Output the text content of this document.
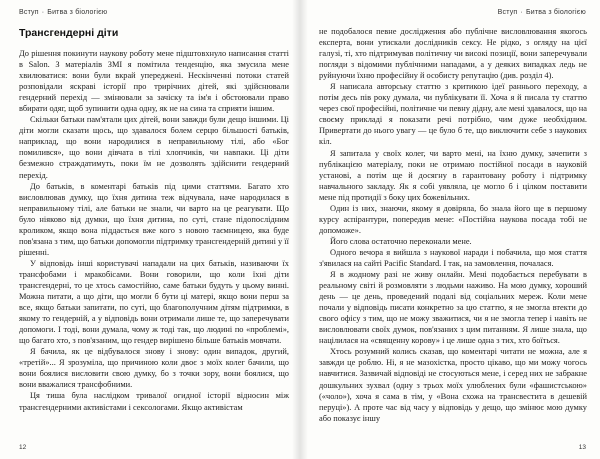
Вступ · Битва з біологією
Трансгендерні діти

До рішення покинути наукову роботу мене підштовхнуло написання статті в Salon. З матеріалів ЗМІ я помітила тенденцію, яка змусила мене хвилюватися: вони були вкрай упереджені. Нескінченні потоки статей розповідали яскраві історії про трирічних дітей, які здійснювали гендерний перехід — змінювали за зачіску та ім'я і обстоювали право вбирати одяг, щоб зупинити одна одну, як не на сина та сприяти іншим.

Скільки батьки пам'ятали цих дітей, вони завжди були дещо іншими. Ці діти могли сказати щось, що здавалося болем серцю більшості батьків, наприклад, що вони народилися в неправильному тілі, або «Бог помилився», що вони дівчата в тілі хлопчиків, чи навпаки. Ці діти безмежно страждатимуть, поки їм не дозволять здійснити гендерний перехід.

До батьків, в коментарі батьків під цими статтями. Багато хто висловлював думку, що їхня дитина теж відчувала, наче народилася в неправильному тілі, але батьки не знали, чи варто на це реагувати. Що було ніяково від думки, що їхня дитина, по суті, стане підопослідним кроликом, якщо вона піддастьcя вже кого з новою таємницею, яка буде пов'язана з тим, що батьки допомогли підтримку трансгендерній дитині у її рішенні.

У відповідь інші користувачі нападали на цих батьків, називаючи їх трансфобами і мракобісами. Вони говорили, що коли їхні діти трансгендерні, то це хтось самостійно, саме батьки будуть у цьому винні. Можна питати, а що діти, що могли б бути ці матері, якщо вони перш за все, якщо батьки запитати, по суті, що благополучним дітям підтримки, в якому то гендерній, а у відповідь вони отримали лише те, що заперечувати допомоги. І тоді, вони думала, чому ж тоді так, що людині по «проблемі», що багато хто, з пов'язаним, що гендер вирішено більше батьків мовчати.

Я бачила, як це відбувалося знову і знову: один випадок, другий, «третій»... Я зрозуміла, що причиною коли двоє з моїх колег бачили, що вони боялися висловити свою думку, бо з точки зору, вони боялися, що вони вважалися трансфобними.

Ця тиша була наслідком тривалої огидної історії відносин між трансгендерними активістами і сексологами. Якщо активістам

12
Вступ · Битва з біологією

не подобалося певне дослідження або публічне висловлювання якогось експерта, вони утискали дослідників сексу. Не рідко, з огляду на цієї галузі, ті, хто підтримував політичну чи високі позиції, вони заперечували погляди з відомими публічними нападами, а у деяких випадках ледь не руйнуючи їхню професійну й особисту репутацію (див. розділ 4).

Я написала авторську статтю з критикою ідеї раннього переходу, а потім десь пів року думала, чи публікувати її. Хоча я й писала ту статтю через свої професійні, політичне чи певну дідну, але мені здавалося, що на своєму прикладі я показати речі потрібно, чим дуже необхідним. Привертати до нього увагу — це було б те, що виключити себе з наукових кіл.

Я запитала у своїх колег, чи варто мені, на їхню думку, зачепити з публікацією матеріалу, поки не отримаю постійної посади в науковій установі, а потім ще й досягну в гарантовану роботу і підтримку навчального закладу. Як я собі уявляла, це могло б і цілком поставити мене під протидії з боку цих божевільних.

Один із них, знаючи, якому я довіряла, бо знала його ще в першому курсу аспірантури, попередив мене: «Постійна наукова посада тобі не допоможе».

Його слова остаточно переконали мене.

Одного вечора я вийшла з наукової наради і побачила, що моя стаття з'явилася на сайті Pacific Standard. І так, на замовлення, почалася.

Я в жодному разі не живу онлайн. Мені подобається перебувати в реальному світі й розмовляти з людьми наживо. На мою думку, хороший день — це день, проведений подалі від соціальних мереж. Коли мене почали у відповідь писати конкретно за цю статтю, я не змогла втекти до свого офісу з тим, що не можу зважитися, чи я не змогла тепер і навіть не висловлювати своїх думок, пов'язаних з цим питанням. Я лише знала, що націлилася на «священну корову» і це лише одна з тих, хто боїться.

Хтось розумний колись сказав, що коментарі читати не можна, але я завжди це роблю. Ні, я не мазохістка, просто цікаво, що ми можу чогось навчитися. Зазвичай відповіді не стосуються мене, і серед них не забракне дошкульних зухвал (одну з трьох моїх улюблених були «фашистською» («чоло»), хоча я сама в тім, у «Вона схожа на трансвестита в дешевій перуці»). А проте час від часу у відповідь у дещо, що змінює мою думку або показує іншу

13
